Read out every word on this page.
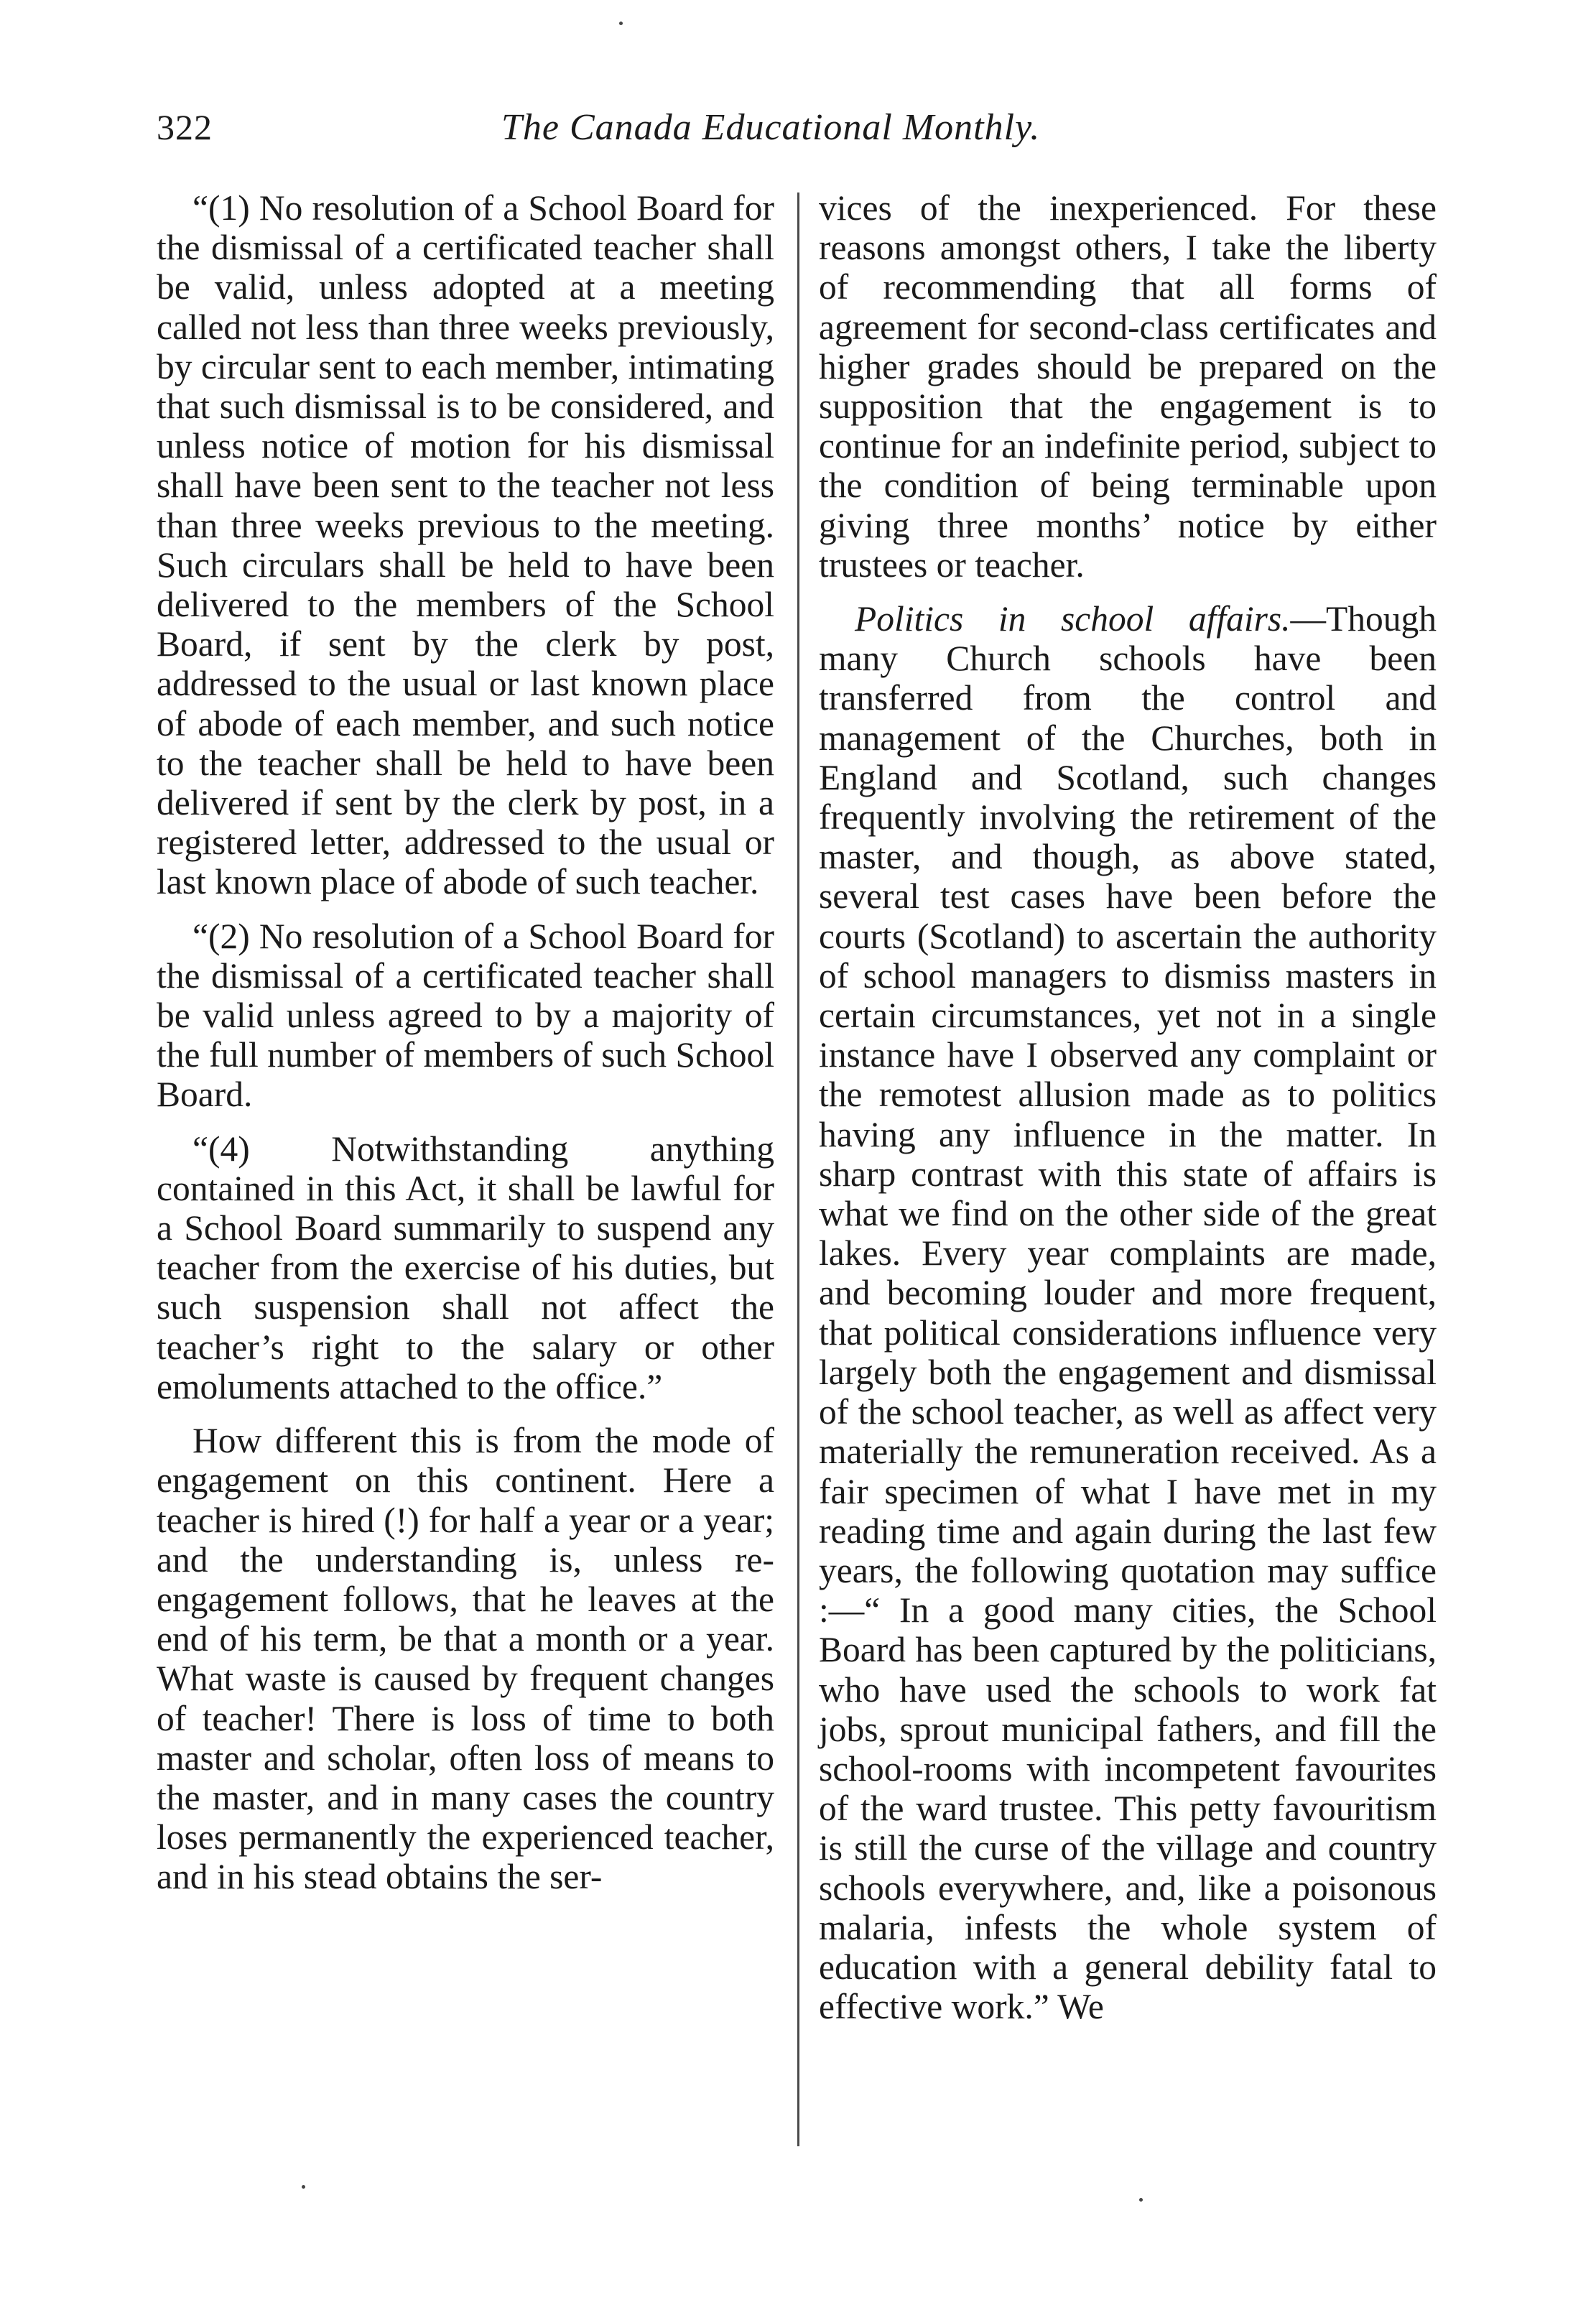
322	The Canada Educational Monthly.

“(1) No resolution of a School Board for the dismissal of a certificated teacher shall be valid, unless adopted at a meeting called not less than three weeks previously, by circular sent to each member, intimating that such dismissal is to be considered, and unless notice of motion for his dismissal shall have been sent to the teacher not less than three weeks previous to the meeting. Such circulars shall be held to have been delivered to the members of the School Board, if sent by the clerk by post, addressed to the usual or last known place of abode of each member, and such notice to the teacher shall be held to have been delivered if sent by the clerk by post, in a registered letter, addressed to the usual or last known place of abode of such teacher.

“(2) No resolution of a School Board for the dismissal of a certificated teacher shall be valid unless agreed to by a majority of the full number of members of such School Board.

“(4) Notwithstanding anything contained in this Act, it shall be lawful for a School Board summarily to suspend any teacher from the exercise of his duties, but such suspension shall not affect the teacher’s right to the salary or other emoluments attached to the office.”

How different this is from the mode of engagement on this continent. Here a teacher is hired (!) for half a year or a year; and the understanding is, unless re-engagement follows, that he leaves at the end of his term, be that a month or a year. What waste is caused by frequent changes of teacher! There is loss of time to both master and scholar, often loss of means to the master, and in many cases the country loses permanently the experienced teacher, and in his stead obtains the ser-

vices of the inexperienced. For these reasons amongst others, I take the liberty of recommending that all forms of agreement for second-class certificates and higher grades should be prepared on the supposition that the engagement is to continue for an indefinite period, subject to the condition of being terminable upon giving three months’ notice by either trustees or teacher.

Politics in school affairs.—Though many Church schools have been transferred from the control and management of the Churches, both in England and Scotland, such changes frequently involving the retirement of the master, and though, as above stated, several test cases have been before the courts (Scotland) to ascertain the authority of school managers to dismiss masters in certain circumstances, yet not in a single instance have I observed any complaint or the remotest allusion made as to politics having any influence in the matter. In sharp contrast with this state of affairs is what we find on the other side of the great lakes. Every year complaints are made, and becoming louder and more frequent, that political considerations influence very largely both the engagement and dismissal of the school teacher, as well as affect very materially the remuneration received. As a fair specimen of what I have met in my reading time and again during the last few years, the following quotation may suffice :—“ In a good many cities, the School Board has been captured by the politicians, who have used the schools to work fat jobs, sprout municipal fathers, and fill the school-rooms with incompetent favourites of the ward trustee. This petty favouritism is still the curse of the village and country schools everywhere, and, like a poisonous malaria, infests the whole system of education with a general debility fatal to effective work.” We
